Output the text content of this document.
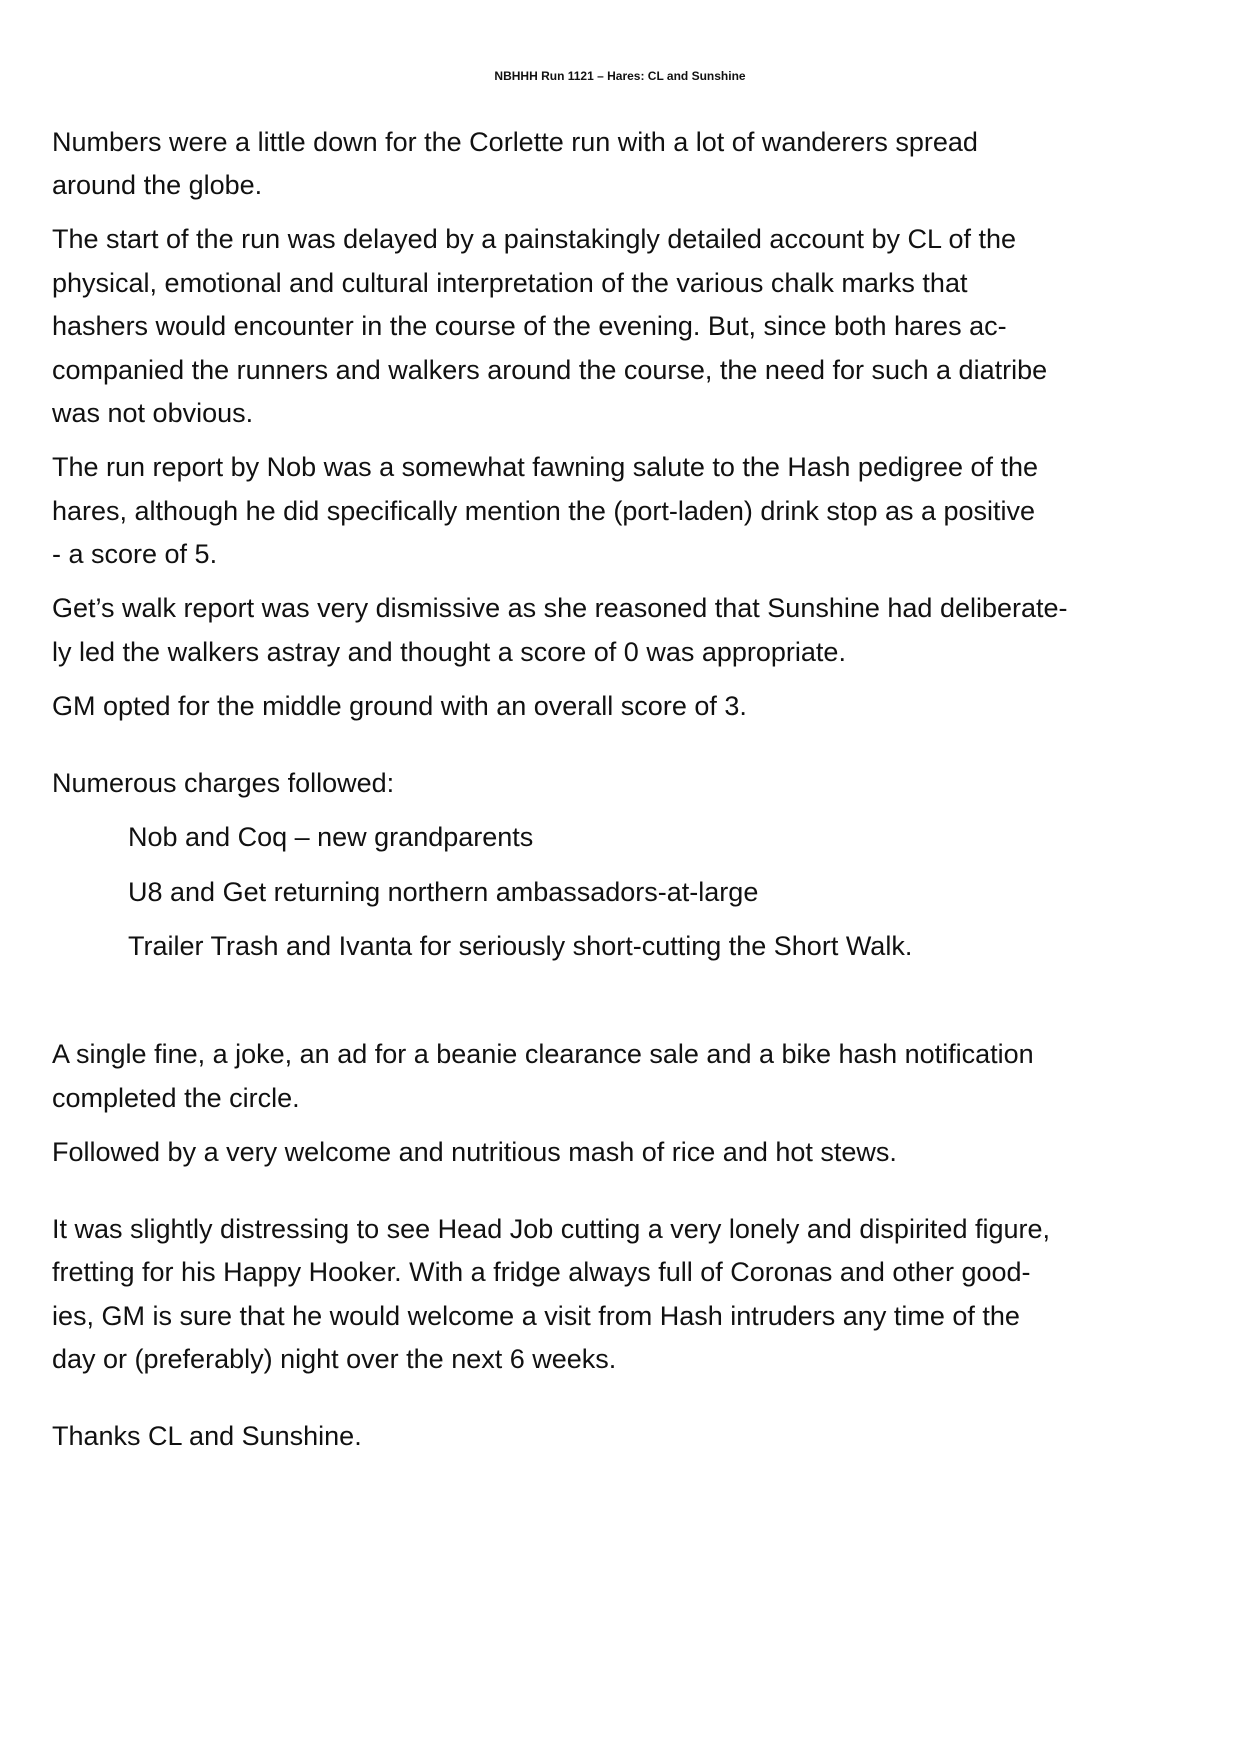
NBHHH Run 1121 – Hares: CL and Sunshine
Numbers were a little down for the Corlette run with a lot of wanderers spread
around the globe.
The start of the run was delayed by a painstakingly detailed account by CL of the
physical, emotional and cultural interpretation of the various chalk marks that
hashers would encounter in the course of the evening. But, since both hares ac-
companied the runners and walkers around the course, the need for such a diatribe
was not obvious.
The run report by Nob was a somewhat fawning salute to the Hash pedigree of the
hares, although he did specifically mention the (port-laden) drink stop as a positive
- a score of 5.
Get’s walk report was very dismissive as she reasoned that Sunshine had deliberate-
ly led the walkers astray and thought a score of 0 was appropriate.
GM opted for the middle ground with an overall score of 3.
Numerous charges followed:
Nob and Coq – new grandparents
U8 and Get returning northern ambassadors-at-large
Trailer Trash and Ivanta for seriously short-cutting the Short Walk.
A single fine, a joke, an ad for a beanie clearance sale and a bike hash notification
completed the circle.
Followed by a very welcome and nutritious mash of rice and hot stews.
It was slightly distressing to see Head Job cutting a very lonely and dispirited figure,
fretting for his Happy Hooker. With a fridge always full of Coronas and other good-
ies, GM is sure that he would welcome a visit from Hash intruders any time of the
day or (preferably) night over the next 6 weeks.
Thanks CL and Sunshine.
